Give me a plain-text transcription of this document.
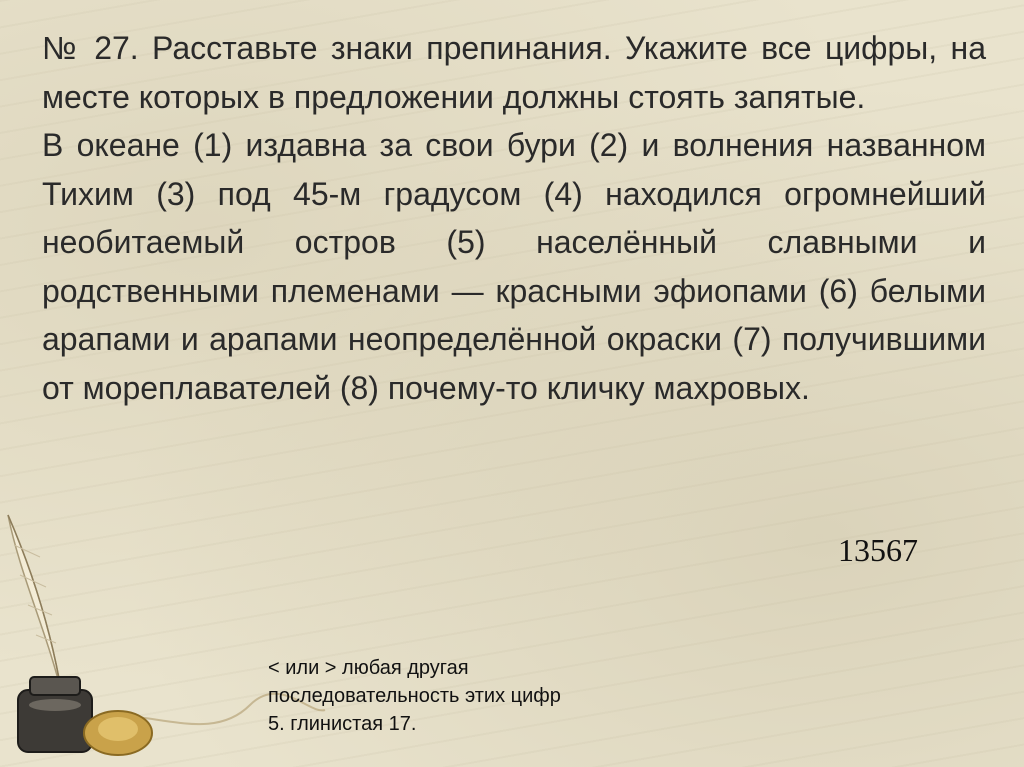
№ 27. Расставьте знаки препинания. Укажите все цифры, на месте которых в предложении должны стоять запятые.

В океане (1) издавна за свои бури (2) и волнения названном Тихим (3) под 45-м градусом (4) находился огромнейший необитаемый остров (5) населённый славными и родственными племенами — красными эфиопами (6) белыми арапами и арапами неопределённой окраски (7) получившими от мореплавателей (8) почему-то кличку махровых.

13567
< или > любая другая
последовательность этих цифр
5. глинистая 17.
